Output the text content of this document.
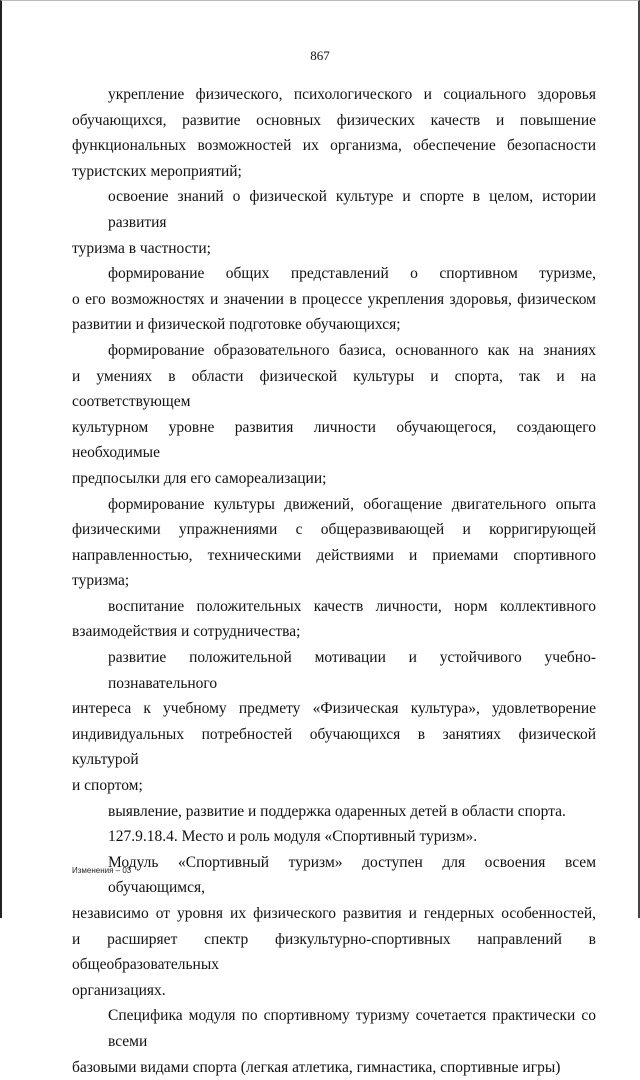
867
укрепление физического, психологического и социального здоровья
обучающихся, развитие основных физических качеств и повышение
функциональных возможностей их организма, обеспечение безопасности
туристских мероприятий;
освоение знаний о физической культуре и спорте в целом, истории развития
туризма в частности;
формирование общих представлений о спортивном туризме,
о его возможностях и значении в процессе укрепления здоровья, физическом
развитии и физической подготовке обучающихся;
формирование образовательного базиса, основанного как на знаниях
и умениях в области физической культуры и спорта, так и на соответствующем
культурном уровне развития личности обучающегося, создающего необходимые
предпосылки для его самореализации;
формирование культуры движений, обогащение двигательного опыта
физическими упражнениями с общеразвивающей и корригирующей
направленностью, техническими действиями и приемами спортивного туризма;
воспитание положительных качеств личности, норм коллективного
взаимодействия и сотрудничества;
развитие положительной мотивации и устойчивого учебно-познавательного
интереса к учебному предмету «Физическая культура», удовлетворение
индивидуальных потребностей обучающихся в занятиях физической культурой
и спортом;
выявление, развитие и поддержка одаренных детей в области спорта.
127.9.18.4. Место и роль модуля «Спортивный туризм».
Модуль «Спортивный туризм» доступен для освоения всем обучающимся,
независимо от уровня их физического развития и гендерных особенностей,
и расширяет спектр физкультурно-спортивных направлений в общеобразовательных
организациях.
Специфика модуля по спортивному туризму сочетается практически со всеми
базовыми видами спорта (легкая атлетика, гимнастика, спортивные игры)
Изменения – 03
